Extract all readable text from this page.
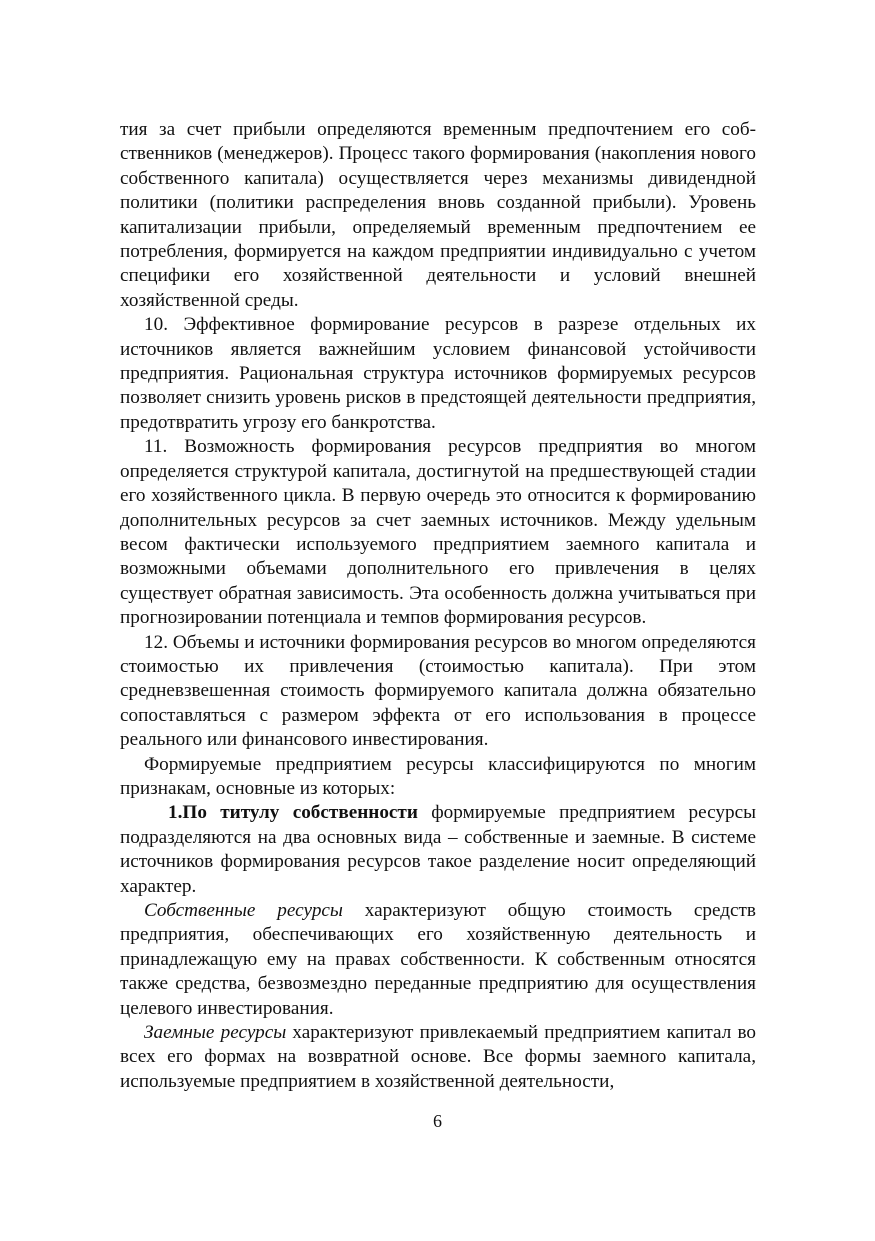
тия за счет прибыли определяются временным предпочтением его собственников (менеджеров). Процесс такого формирования (накопления нового собственного капитала) осуществляется через механизмы дивидендной политики (политики распределения вновь созданной прибыли). Уровень капитализации прибыли, определяемый временным предпочтением ее потребления, формируется на каждом предприятии индивидуально с учетом специфики его хозяйственной деятельности и условий внешней хозяйственной среды.

10. Эффективное формирование ресурсов в разрезе отдельных их источников является важнейшим условием финансовой устойчивости предприятия. Рациональная структура источников формируемых ресурсов позволяет снизить уровень рисков в предстоящей деятельности предприятия, предотвратить угрозу его банкротства.

11. Возможность формирования ресурсов предприятия во многом определяется структурой капитала, достигнутой на предшествующей стадии его хозяйственного цикла. В первую очередь это относится к формированию дополнительных ресурсов за счет заемных источников. Между удельным весом фактически используемого предприятием заемного капитала и возможными объемами дополнительного его привлечения в целях существует обратная зависимость. Эта особенность должна учитываться при прогнозировании потенциала и темпов формирования ресурсов.

12. Объемы и источники формирования ресурсов во многом определяются стоимостью их привлечения (стоимостью капитала). При этом средневзвешенная стоимость формируемого капитала должна обязательно сопоставляться с размером эффекта от его использования в процессе реального или финансового инвестирования.

Формируемые предприятием ресурсы классифицируются по многим признакам, основные из которых:

1.По титулу собственности формируемые предприятием ресурсы подразделяются на два основных вида – собственные и заемные. В системе источников формирования ресурсов такое разделение носит определяющий характер.

Собственные ресурсы характеризуют общую стоимость средств предприятия, обеспечивающих его хозяйственную деятельность и принадлежащую ему на правах собственности. К собственным относятся также средства, безвозмездно переданные предприятию для осуществления целевого инвестирования.

Заемные ресурсы характеризуют привлекаемый предприятием капитал во всех его формах на возвратной основе. Все формы заемного капитала, используемые предприятием в хозяйственной деятельности,

6
